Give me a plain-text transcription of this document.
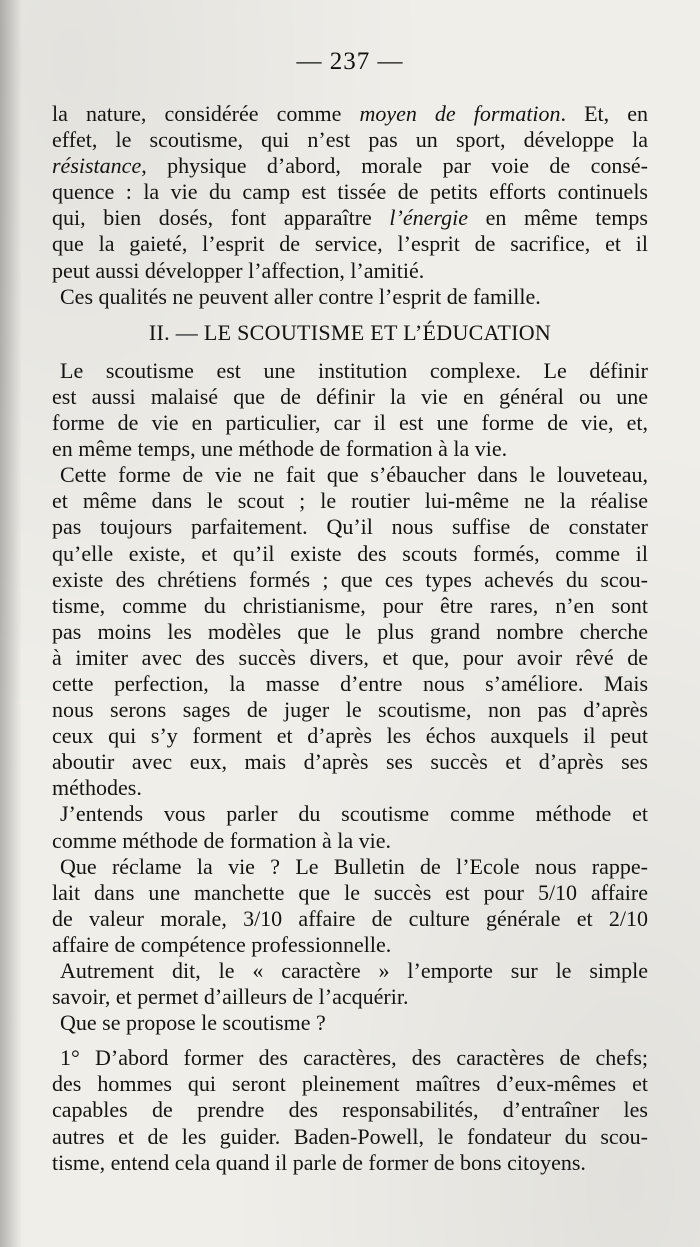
— 237 —
la nature, considérée comme moyen de formation. Et, en
effet, le scoutisme, qui n’est pas un sport, développe la
résistance, physique d’abord, morale par voie de consé-
quence : la vie du camp est tissée de petits efforts continuels
qui, bien dosés, font apparaître l’énergie en même temps
que la gaieté, l’esprit de service, l’esprit de sacrifice, et il
peut aussi développer l’affection, l’amitié.
Ces qualités ne peuvent aller contre l’esprit de famille.
II. — LE SCOUTISME ET L’ÉDUCATION
Le scoutisme est une institution complexe. Le définir
est aussi malaisé que de définir la vie en général ou une
forme de vie en particulier, car il est une forme de vie, et,
en même temps, une méthode de formation à la vie.
Cette forme de vie ne fait que s’ébaucher dans le louveteau,
et même dans le scout ; le routier lui-même ne la réalise
pas toujours parfaitement. Qu’il nous suffise de constater
qu’elle existe, et qu’il existe des scouts formés, comme il
existe des chrétiens formés ; que ces types achevés du scou-
tisme, comme du christianisme, pour être rares, n’en sont
pas moins les modèles que le plus grand nombre cherche
à imiter avec des succès divers, et que, pour avoir rêvé de
cette perfection, la masse d’entre nous s’améliore. Mais
nous serons sages de juger le scoutisme, non pas d’après
ceux qui s’y forment et d’après les échos auxquels il peut
aboutir avec eux, mais d’après ses succès et d’après ses
méthodes.
J’entends vous parler du scoutisme comme méthode et
comme méthode de formation à la vie.
Que réclame la vie ? Le Bulletin de l’Ecole nous rappe-
lait dans une manchette que le succès est pour 5/10 affaire
de valeur morale, 3/10 affaire de culture générale et 2/10
affaire de compétence professionnelle.
Autrement dit, le « caractère » l’emporte sur le simple
savoir, et permet d’ailleurs de l’acquérir.
Que se propose le scoutisme ?
1° D’abord former des caractères, des caractères de chefs;
des hommes qui seront pleinement maîtres d’eux-mêmes et
capables de prendre des responsabilités, d’entraîner les
autres et de les guider. Baden-Powell, le fondateur du scou-
tisme, entend cela quand il parle de former de bons citoyens.
